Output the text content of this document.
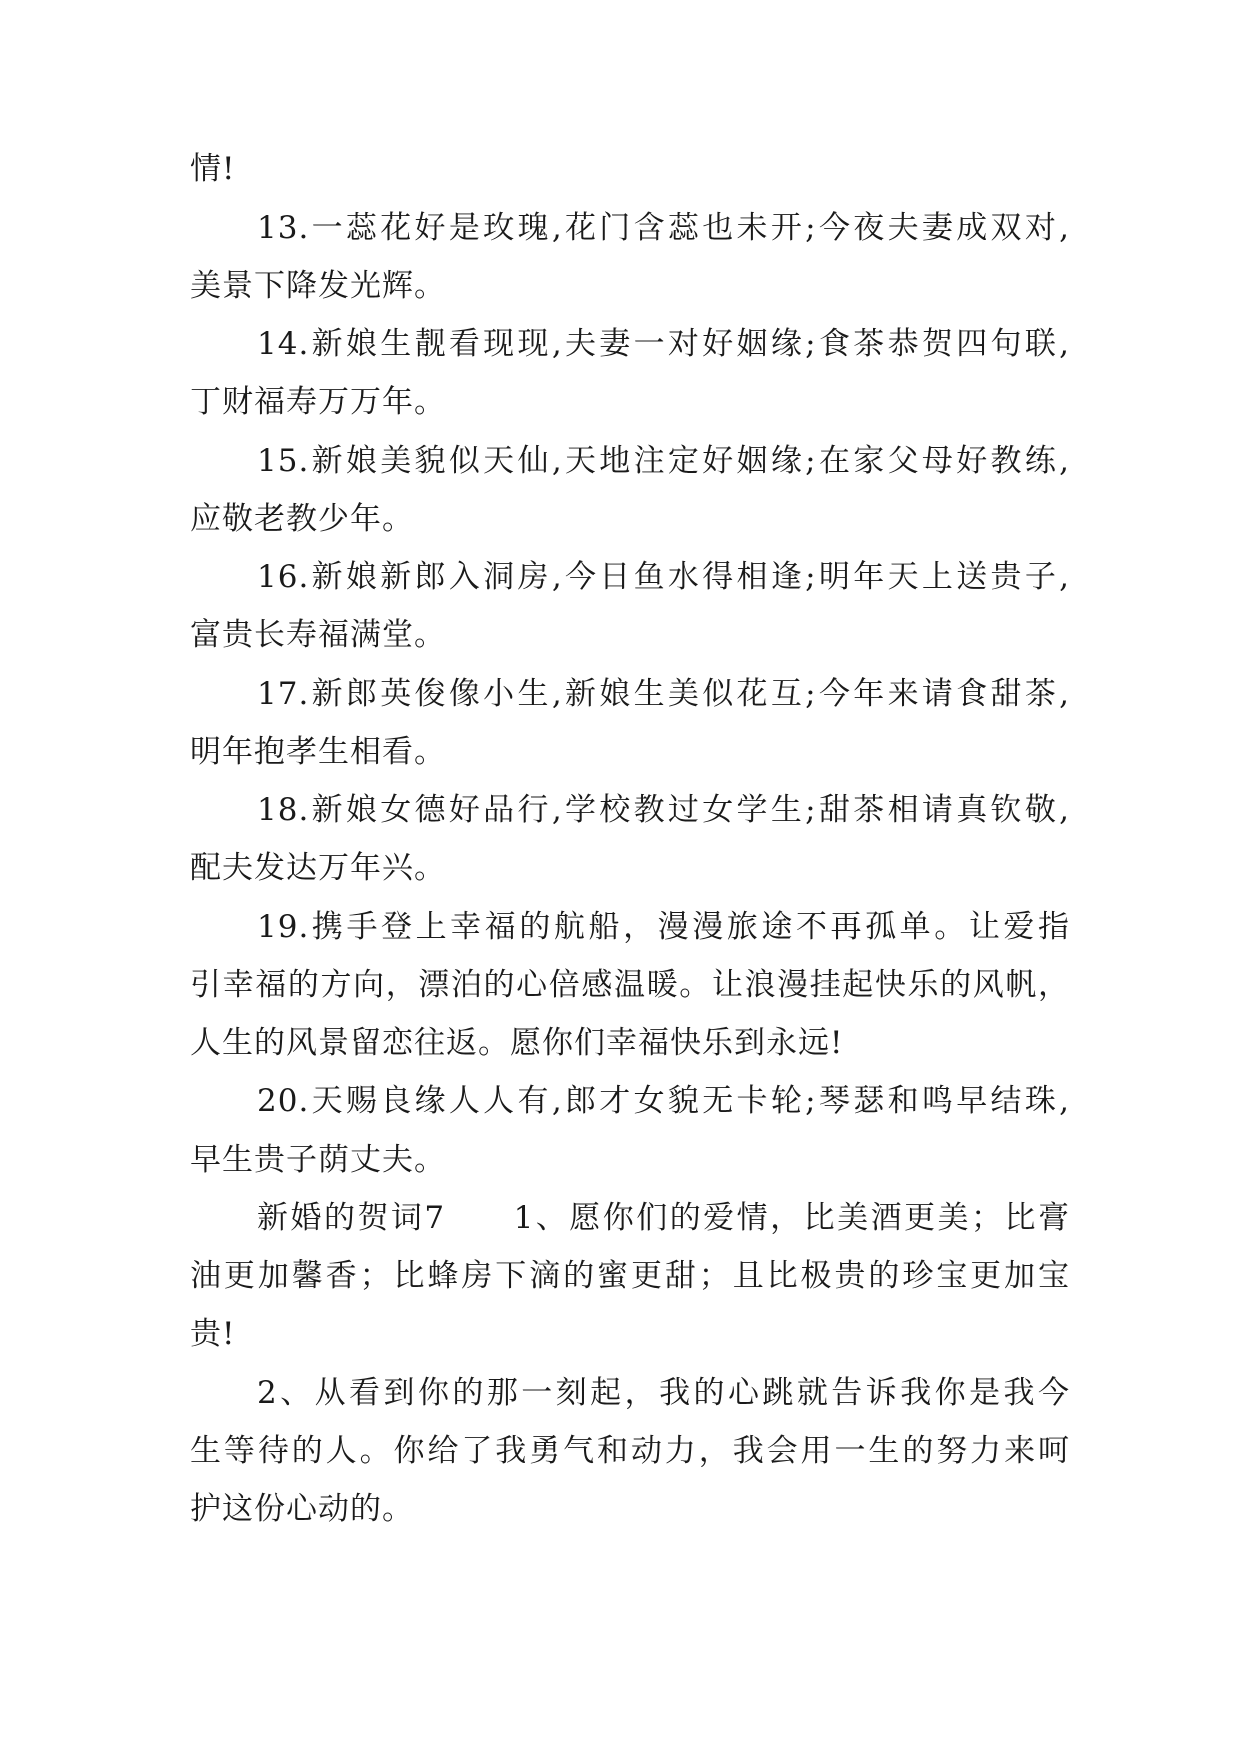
情!
13.一蕊花好是玫瑰,花门含蕊也未开;今夜夫妻成双对,
美景下降发光辉。
14.新娘生靓看现现,夫妻一对好姻缘;食茶恭贺四句联,
丁财福寿万万年。
15.新娘美貌似天仙,天地注定好姻缘;在家父母好教练,
应敬老教少年。
16.新娘新郎入洞房,今日鱼水得相逢;明年天上送贵子,
富贵长寿福满堂。
17.新郎英俊像小生,新娘生美似花互;今年来请食甜茶,
明年抱孝生相看。
18.新娘女德好品行,学校教过女学生;甜茶相请真钦敬,
配夫发达万年兴。
19.携手登上幸福的航船，漫漫旅途不再孤单。让爱指
引幸福的方向，漂泊的心倍感温暖。让浪漫挂起快乐的风帆，
人生的风景留恋往返。愿你们幸福快乐到永远!
20.天赐良缘人人有,郎才女貌无卡轮;琴瑟和鸣早结珠,
早生贵子荫丈夫。
新婚的贺词7　　1、愿你们的爱情，比美酒更美；比膏
油更加馨香；比蜂房下滴的蜜更甜；且比极贵的珍宝更加宝
贵!
2、从看到你的那一刻起，我的心跳就告诉我你是我今
生等待的人。你给了我勇气和动力，我会用一生的努力来呵
护这份心动的。
